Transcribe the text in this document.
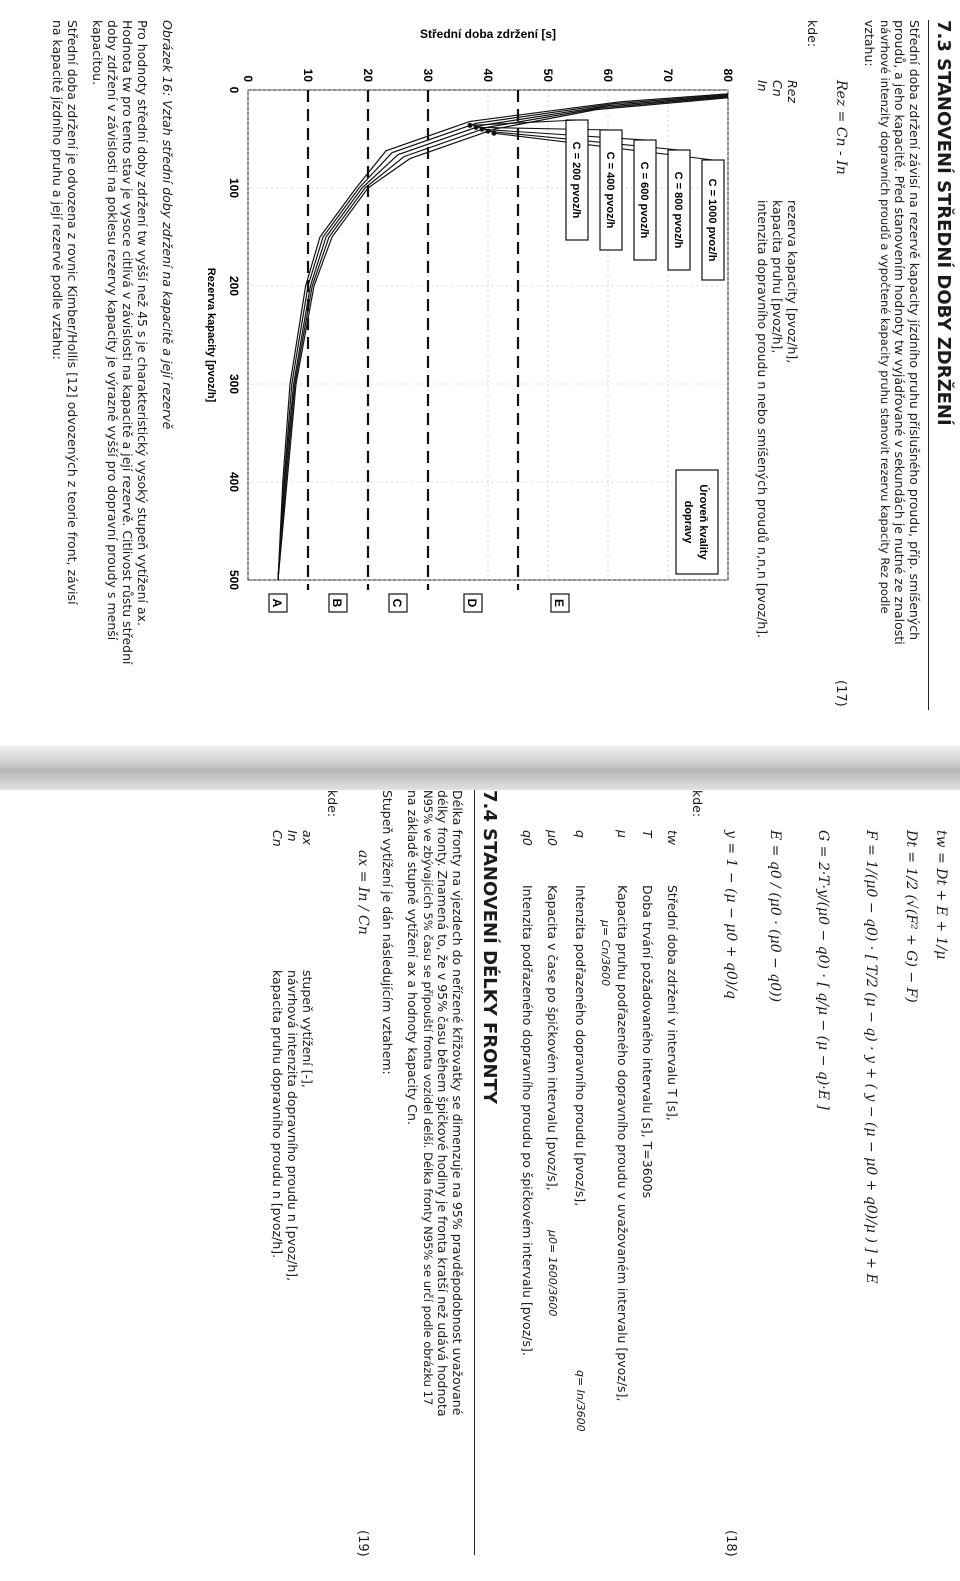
7.3 STANOVENÍ STŘEDNÍ DOBY ZDRŽENÍ
Střední doba zdržení závisí na rezervě kapacity jízdního pruhu příslušného proudu, příp. smíšených
proudů, a jeho kapacitě. Před stanovením hodnoty tw vyjádřované v sekundách je nutné ze znalosti
návrhové intenzity dopravních proudů a vypočtené kapacity pruhu stanovit rezervu kapacity Rez podle
vztahu:
Rez = Cn - In
(17)
kde:
Rez
rezerva kapacity [pvoz/h],
Cn
kapacita pruhu [pvoz/h],
In
intenzita dopravního proudu n nebo smíšených proudů n,n,n [pvoz/h].
0	10	20	30	40	50	60	70	80
0
100
200
300
400
500
Rezerva kapacity [pvoz/h]
Střední doba zdržení [s]
C = 1000 pvoz/h
C = 800 pvoz/h
C = 600 pvoz/h
C = 400 pvoz/h
C = 200 pvoz/h
Úroveň kvality
dopravy
A	B	C	D	E
Obrázek 16: Vztah střední doby zdržení na kapacitě a její rezervě
Pro hodnoty střední doby zdržení tw vyšší než 45 s je charakteristický vysoký stupeň vytížení ax.
Hodnota tw pro tento stav je vysoce citlivá v závislosti na kapacitě a její rezervě. Citlivost růstu střední
doby zdržení v závislosti na poklesu rezervy kapacity je výrazně vyšší pro dopravní proudy s menší
kapacitou.
Střední doba zdržení je odvozena z rovnic Kimber/Hollis [12] odvozených z teorie front, závisí
na kapacitě jízdního pruhu a její rezervě podle vztahu:
tw = Dt + E + 1/μ
Dt = 1/2 (√(F² + G) − F)
F = 1/(μ0 − q0) · [ T/2 (μ − q) · y + ( y − (μ − μ0 + q0)/μ ) ] + E
G = 2·T·y/(μ0 − q0) · [ q/μ − (μ − q)·E ]
E = q0 / (μ0 · (μ0 − q0))
y = 1 − (μ − μ0 + q0)/q
(18)
kde:
tw
Střední doba zdržení v intervalu T [s],
T
Doba trvání požadovaného intervalu [s], T=3600s
μ
Kapacita pruhu podřazeného dopravního proudu v uvažovaném intervalu [pvoz/s],
μ= Cn/3600
q
Intenzita podřazeného dopravního proudu [pvoz/s],
q= In/3600
μ0
Kapacita v čase po špičkovém intervalu [pvoz/s],
μ0= 1600/3600
q0
Intenzita podřazeného dopravního proudu po špičkovém intervalu [pvoz/s].
7.4 STANOVENÍ DÉLKY FRONTY
Délka fronty na vjezdech do neřízené křižovatky se dimenzuje na 95% pravděpodobnost uvažované
délky fronty. Znamená to, že v 95% času během špičkové hodiny je fronta kratší než udává hodnota
N95% ve zbývajících 5% času se připouští fronta vozidel delší. Délka fronty N95% se určí podle obrázku 17
na základě stupně vytížení ax a hodnoty kapacity Cn.
Stupeň vytížení je dán následujícím vztahem:
ax = In / Cn
(19)
kde:
ax
stupeň vytížení [-],
In
návrhová intenzita dopravního proudu n [pvoz/h],
Cn
kapacita pruhu dopravního proudu n [pvoz/h].
